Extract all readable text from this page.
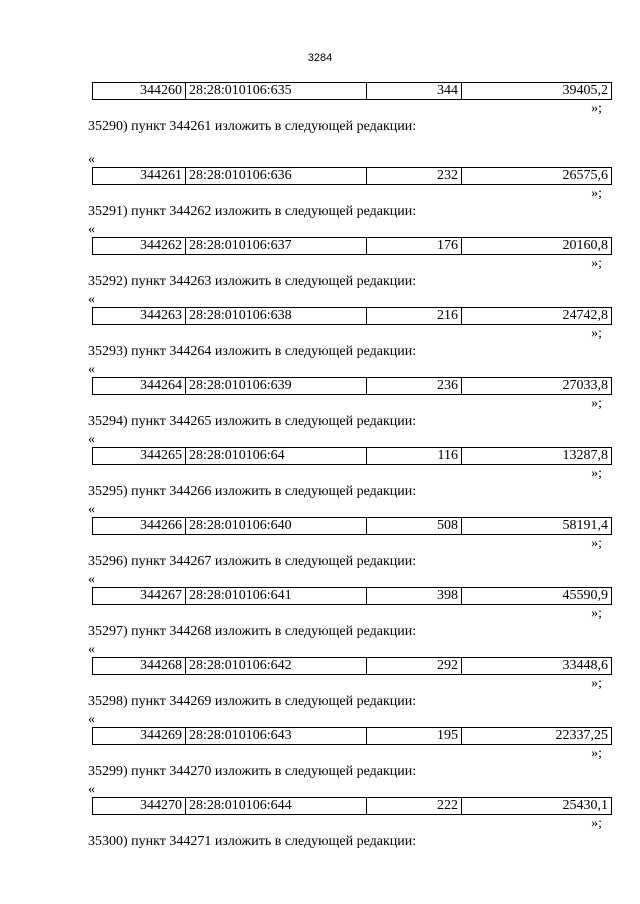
3284
344260	28:28:010106:635	344	39405,2
»;
35290) пункт 344261 изложить в следующей редакции:
«
344261	28:28:010106:636	232	26575,6
»;
35291) пункт 344262 изложить в следующей редакции:
«
344262	28:28:010106:637	176	20160,8
»;
35292) пункт 344263 изложить в следующей редакции:
«
344263	28:28:010106:638	216	24742,8
»;
35293) пункт 344264 изложить в следующей редакции:
«
344264	28:28:010106:639	236	27033,8
»;
35294) пункт 344265 изложить в следующей редакции:
«
344265	28:28:010106:64	116	13287,8
»;
35295) пункт 344266 изложить в следующей редакции:
«
344266	28:28:010106:640	508	58191,4
»;
35296) пункт 344267 изложить в следующей редакции:
«
344267	28:28:010106:641	398	45590,9
»;
35297) пункт 344268 изложить в следующей редакции:
«
344268	28:28:010106:642	292	33448,6
»;
35298) пункт 344269 изложить в следующей редакции:
«
344269	28:28:010106:643	195	22337,25
»;
35299) пункт 344270 изложить в следующей редакции:
«
344270	28:28:010106:644	222	25430,1
»;
35300) пункт 344271 изложить в следующей редакции:
